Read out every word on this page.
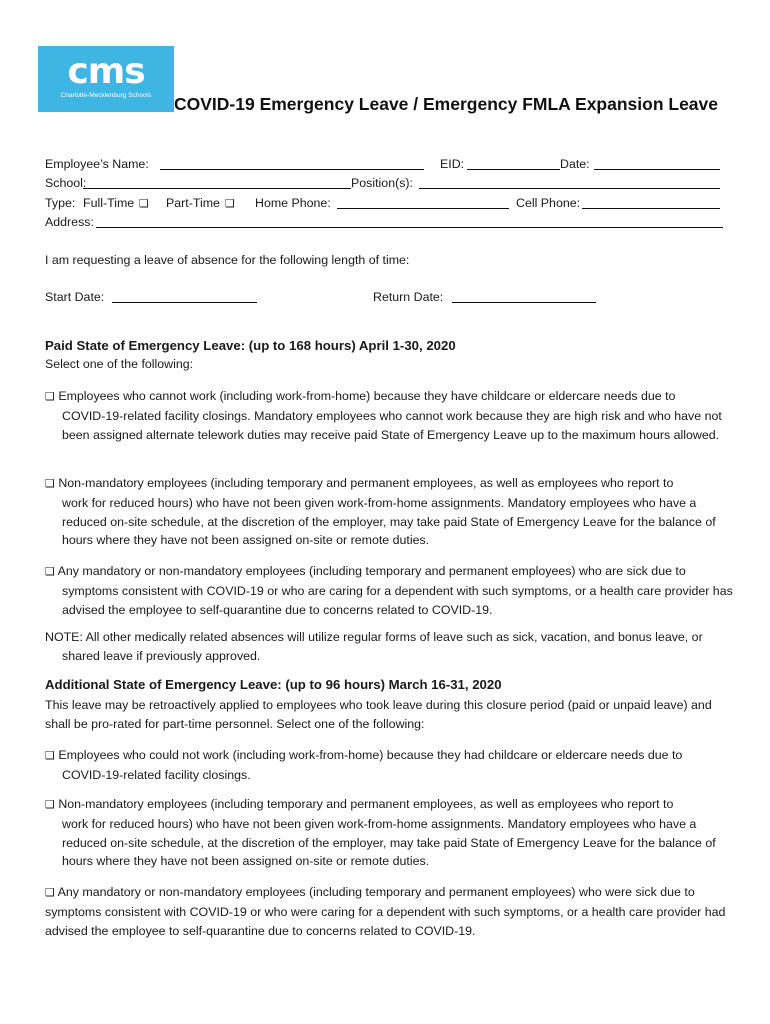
cms
Charlotte-Mecklenburg Schools	COVID-19 Emergency Leave / Emergency FMLA Expansion Leave
Employee’s Name:	EID:	Date:
School:	Position(s):
Type: Full-Time ❑ Part-Time ❑ Home Phone:	Cell Phone:
Address:
I am requesting a leave of absence for the following length of time:
Start Date:	Return Date:
Paid State of Emergency Leave: (up to 168 hours) April 1-30, 2020
Select one of the following:
❑ Employees who cannot work (including work-from-home) because they have childcare or eldercare needs due to
COVID-19-related facility closings. Mandatory employees who cannot work because they are high risk and who have not been assigned alternate telework duties may receive paid State of Emergency Leave up to the maximum hours allowed.
❑ Non-mandatory employees (including temporary and permanent employees, as well as employees who report to
work for reduced hours) who have not been given work-from-home assignments. Mandatory employees who have a reduced on-site schedule, at the discretion of the employer, may take paid State of Emergency Leave for the balance of hours where they have not been assigned on-site or remote duties.
❑ Any mandatory or non-mandatory employees (including temporary and permanent employees) who are sick due to
symptoms consistent with COVID-19 or who are caring for a dependent with such symptoms, or a health care provider has advised the employee to self-quarantine due to concerns related to COVID-19.
NOTE: All other medically related absences will utilize regular forms of leave such as sick, vacation, and bonus leave, or
shared leave if previously approved.
Additional State of Emergency Leave: (up to 96 hours) March 16-31, 2020
This leave may be retroactively applied to employees who took leave during this closure period (paid or unpaid leave) and shall be pro-rated for part-time personnel. Select one of the following:
❑ Employees who could not work (including work-from-home) because they had childcare or eldercare needs due to
COVID-19-related facility closings.
❑ Non-mandatory employees (including temporary and permanent employees, as well as employees who report to
work for reduced hours) who have not been given work-from-home assignments. Mandatory employees who have a reduced on-site schedule, at the discretion of the employer, may take paid State of Emergency Leave for the balance of hours where they have not been assigned on-site or remote duties.
❑ Any mandatory or non-mandatory employees (including temporary and permanent employees) who were sick due to symptoms consistent with COVID-19 or who were caring for a dependent with such symptoms, or a health care provider had advised the employee to self-quarantine due to concerns related to COVID-19.
